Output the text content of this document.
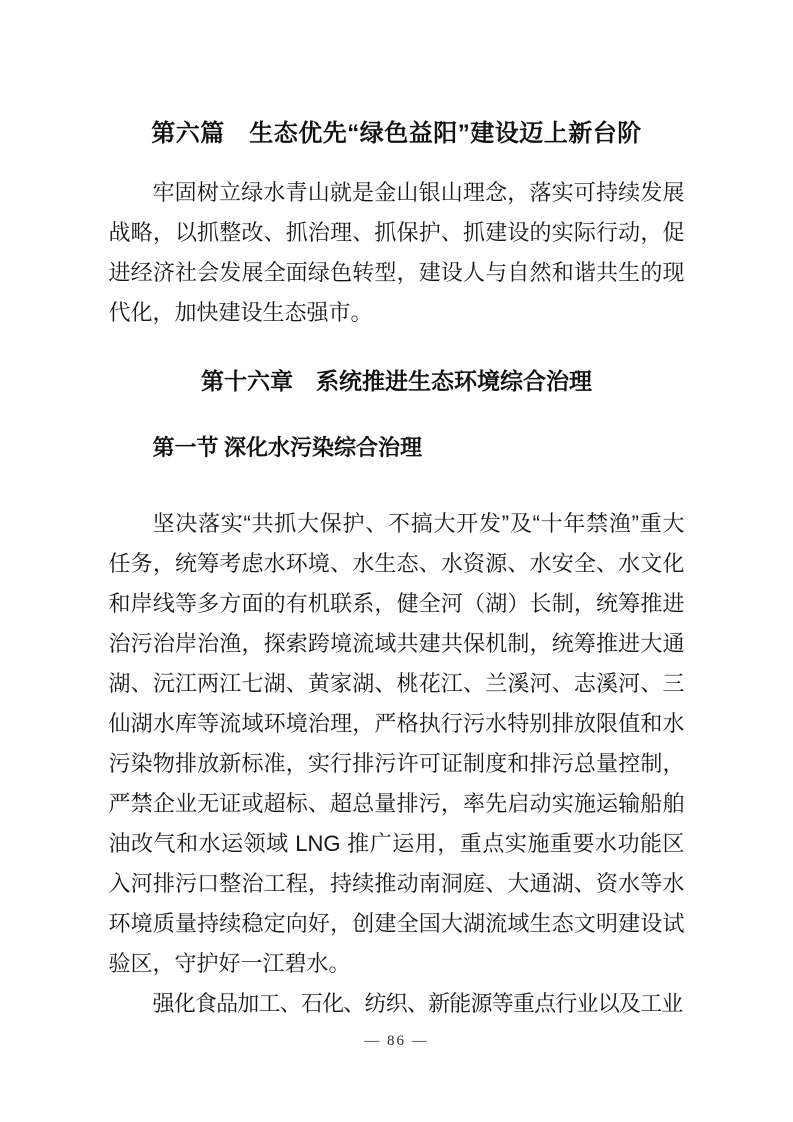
第六篇　生态优先“绿色益阳”建设迈上新台阶

牢固树立绿水青山就是金山银山理念，落实可持续发展战略，以抓整改、抓治理、抓保护、抓建设的实际行动，促进经济社会发展全面绿色转型，建设人与自然和谐共生的现代化，加快建设生态强市。

第十六章　系统推进生态环境综合治理
第一节 深化水污染综合治理

坚决落实“共抓大保护、不搞大开发”及“十年禁渔”重大任务，统筹考虑水环境、水生态、水资源、水安全、水文化和岸线等多方面的有机联系，健全河（湖）长制，统筹推进治污治岸治渔，探索跨境流域共建共保机制，统筹推进大通湖、沅江两江七湖、黄家湖、桃花江、兰溪河、志溪河、三仙湖水库等流域环境治理，严格执行污水特别排放限值和水污染物排放新标准，实行排污许可证制度和排污总量控制，严禁企业无证或超标、超总量排污，率先启动实施运输船舶油改气和水运领域 LNG 推广运用，重点实施重要水功能区入河排污口整治工程，持续推动南洞庭、大通湖、资水等水环境质量持续稳定向好，创建全国大湖流域生态文明建设试验区，守护好一江碧水。

强化食品加工、石化、纺织、新能源等重点行业以及工业

— 86 —
